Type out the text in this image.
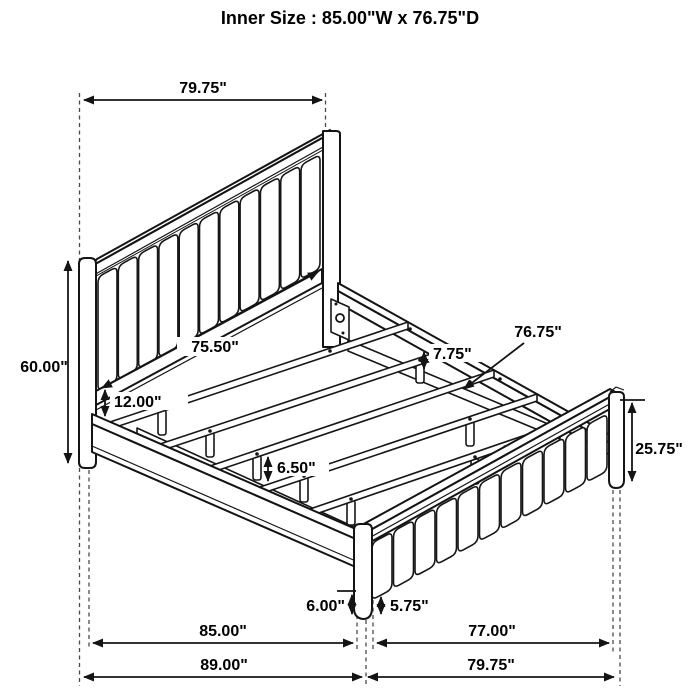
79.75"
60.00"
75.50"
12.00"
7.75"
76.75"
25.75"
6.50"
6.00"	5.75"
85.00"	77.00"
89.00"	79.75"
Inner Size : 85.00"W x 76.75"D
